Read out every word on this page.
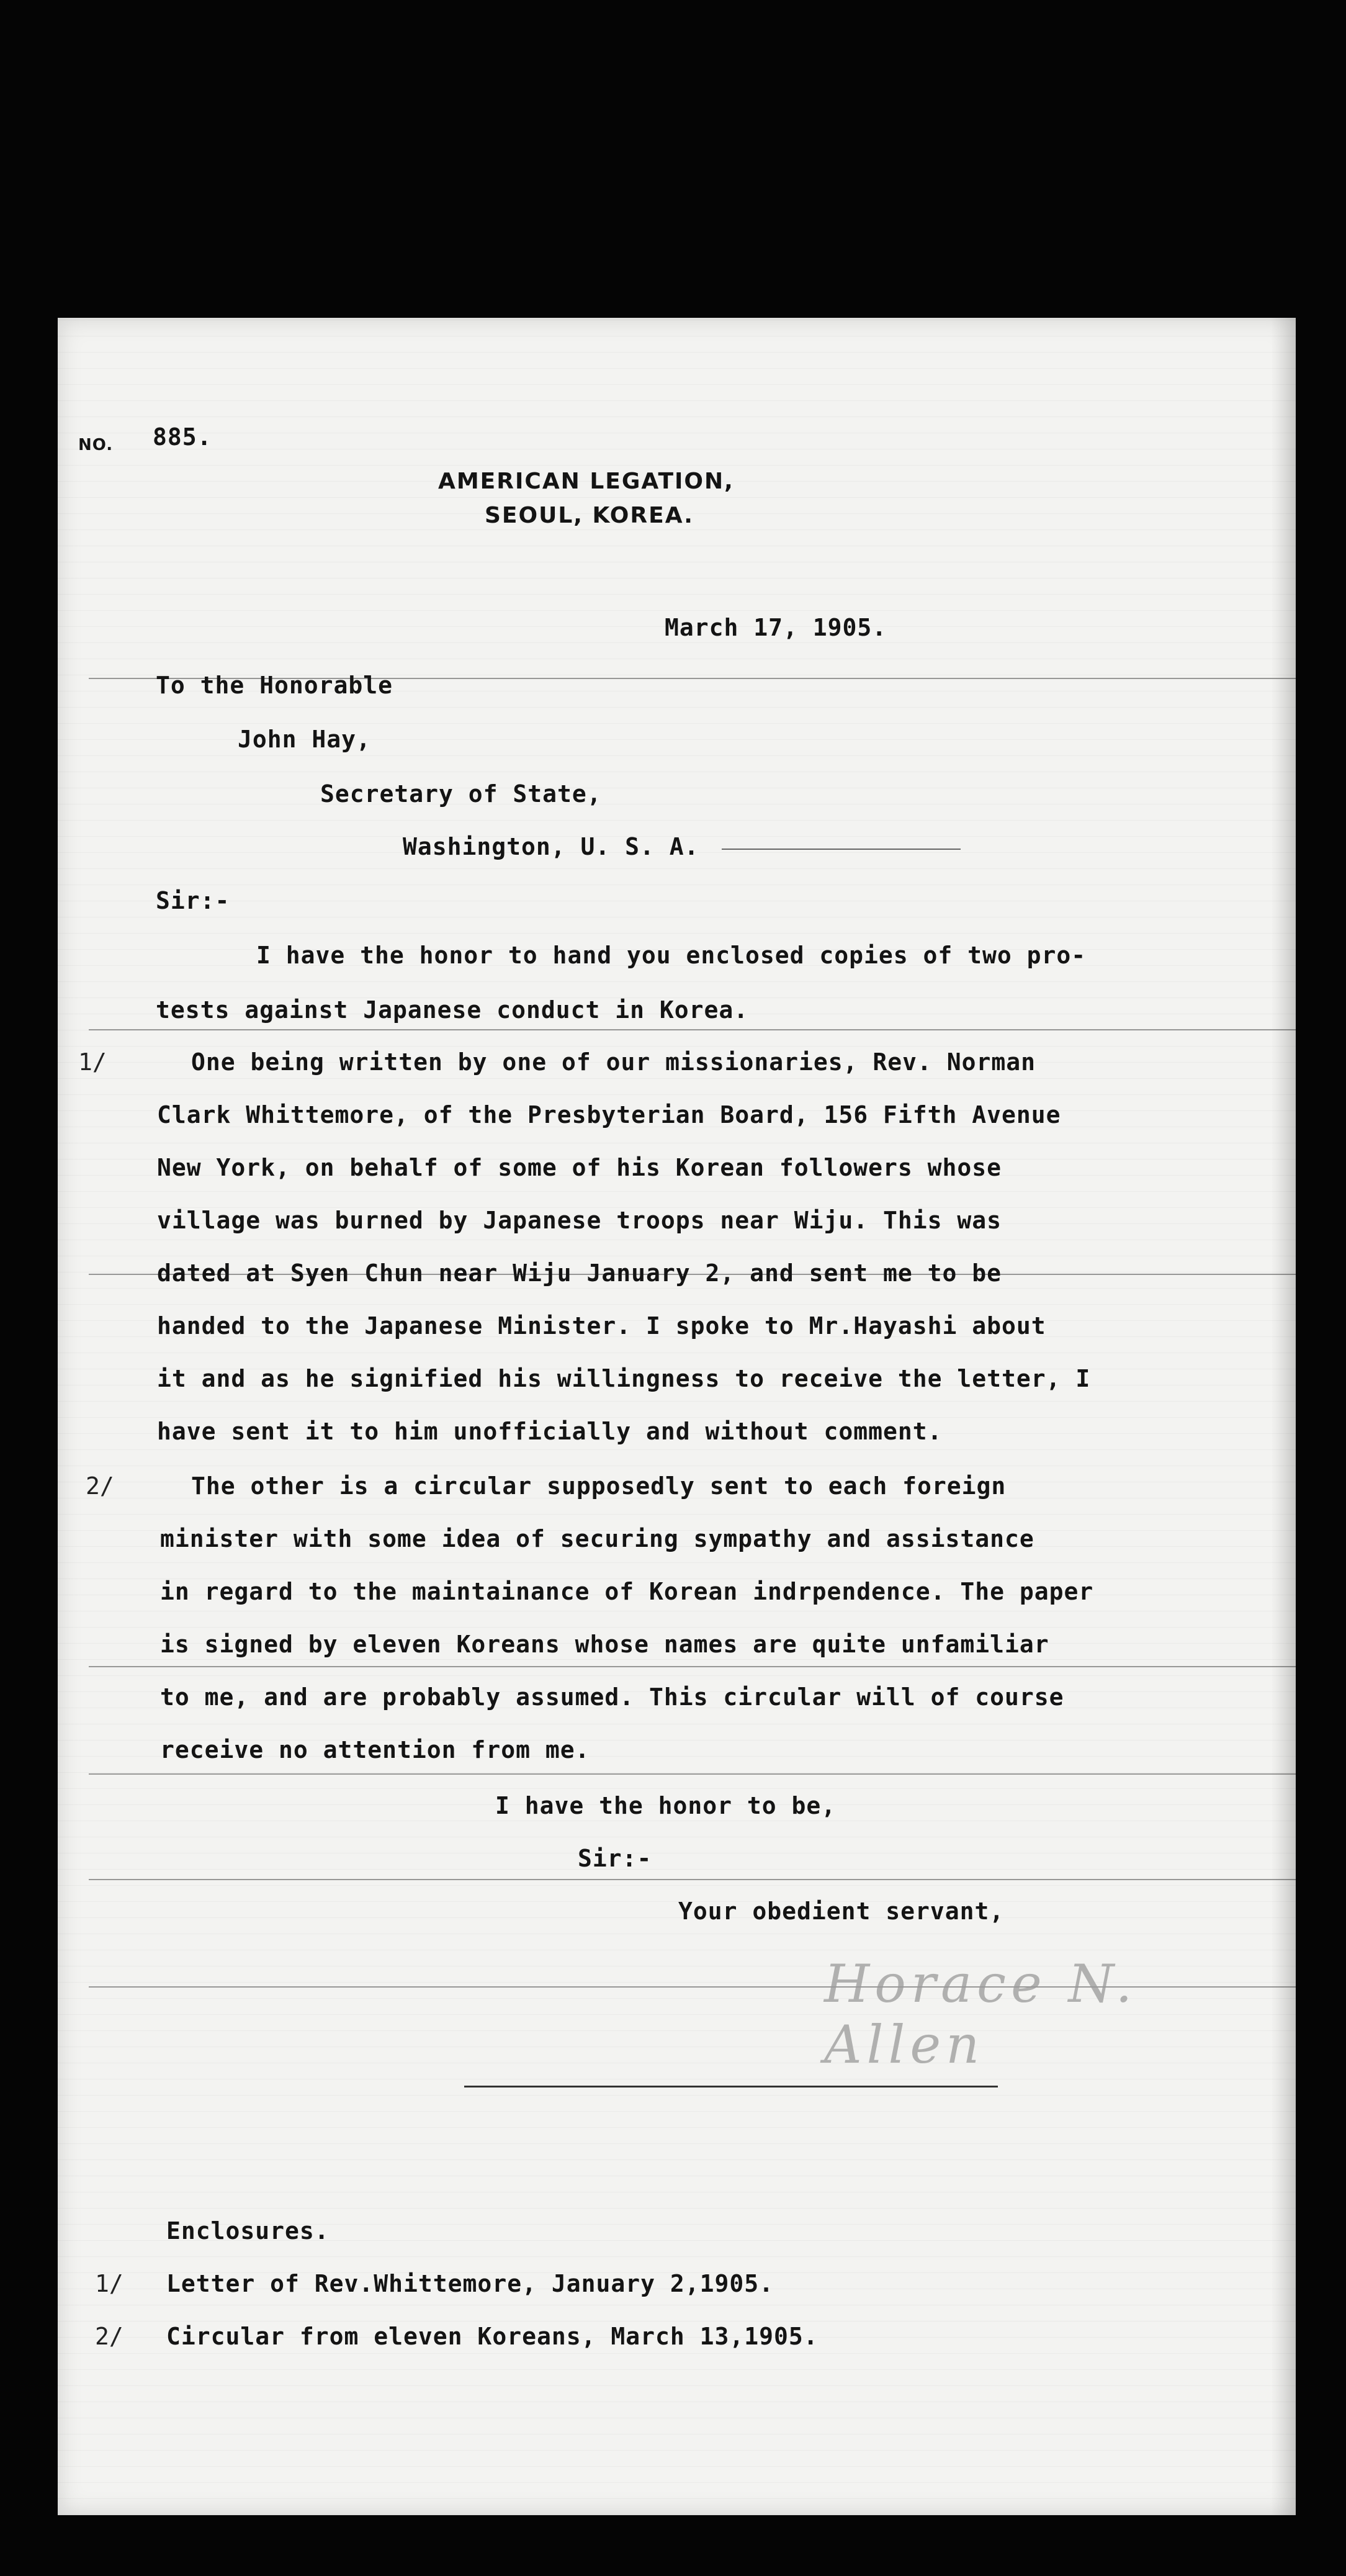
NO. 885.
AMERICAN LEGATION,
SEOUL, KOREA.
March 17, 1905.
To the Honorable
John Hay,
Secretary of State,
Washington, U. S. A.
Sir:-
I have the honor to hand you enclosed copies of two pro-
tests against Japanese conduct in Korea.
1/	One being written by one of our missionaries, Rev. Norman
Clark Whittemore, of the Presbyterian Board, 156 Fifth Avenue
New York, on behalf of some of his Korean followers whose
village was burned by Japanese troops near Wiju. This was
dated at Syen Chun near Wiju January 2, and sent me to be
handed to the Japanese Minister. I spoke to Mr.Hayashi about
it and as he signified his willingness to receive the letter, I
have sent it to him unofficially and without comment.
2/	The other is a circular supposedly sent to each foreign
minister with some idea of securing sympathy and assistance
in regard to the maintainance of Korean indrpendence. The paper
is signed by eleven Koreans whose names are quite unfamiliar
to me, and are probably assumed. This circular will of course
receive no attention from me.
I have the honor to be,
Sir:-
Your obedient servant,
Horace N. Allen
Enclosures.
1/ Letter of Rev.Whittemore, January 2,1905.
2/ Circular from eleven Koreans, March 13,1905.
